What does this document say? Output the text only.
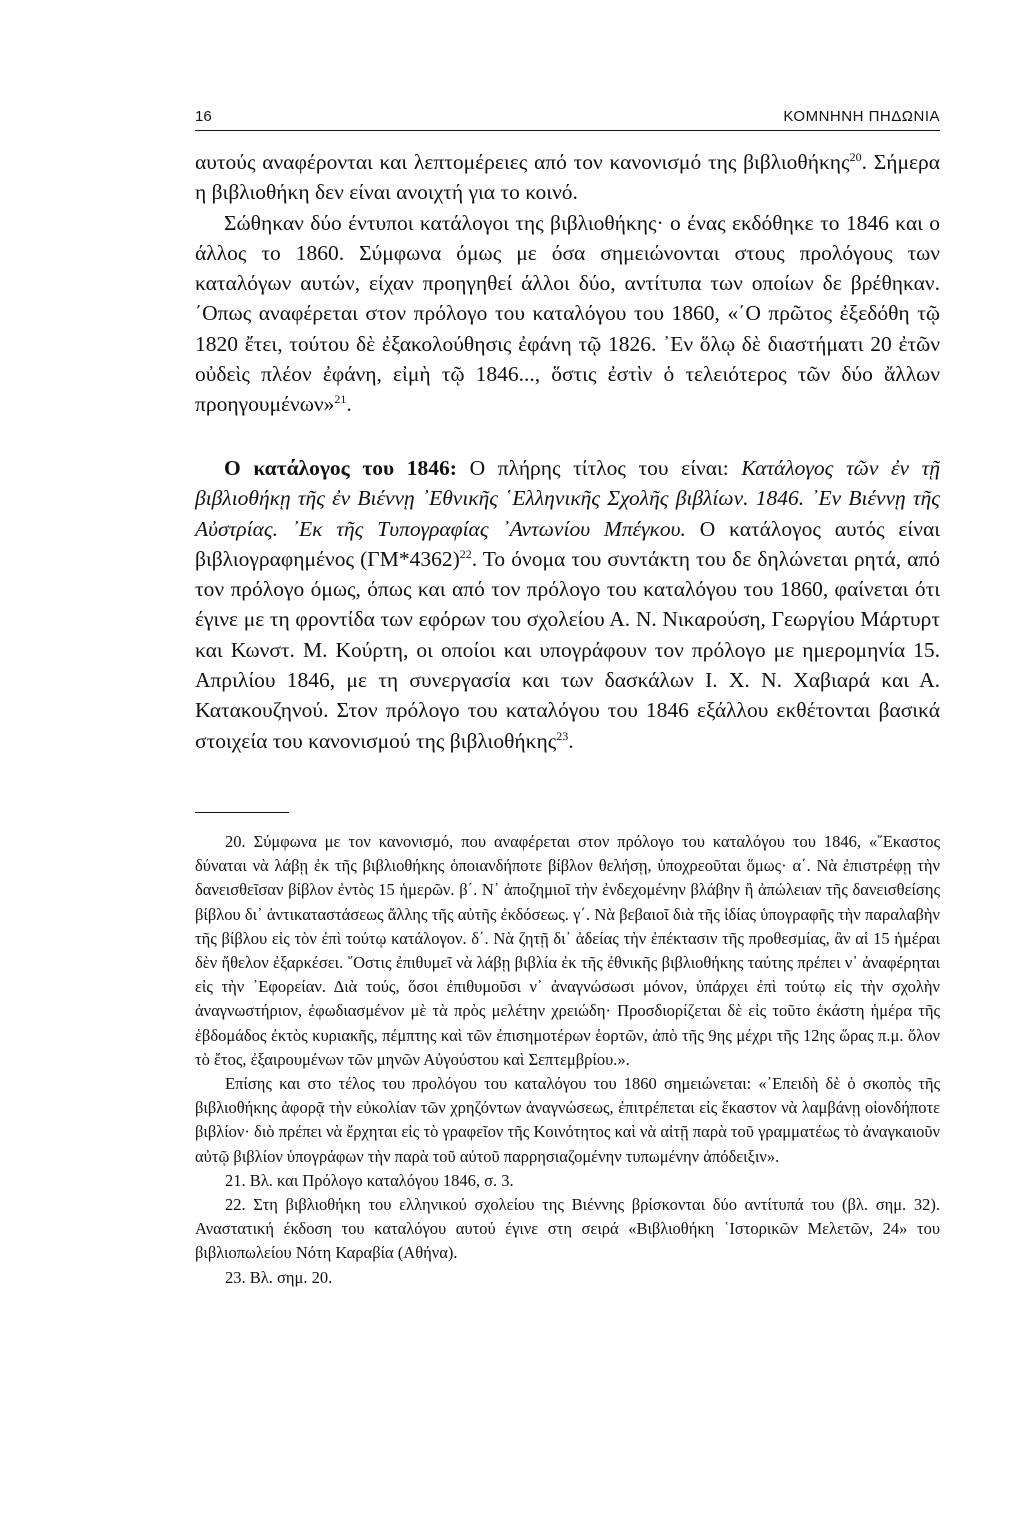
16	ΚΟΜΝΗΝΗ ΠΗΔΩΝΙΑ

αυτούς αναφέρονται και λεπτομέρειες από τον κανονισμό της βιβλιοθήκης$^{20}$. Σήμερα η βιβλιοθήκη δεν είναι ανοιχτή για το κοινό.

Σώθηκαν δύο έντυποι κατάλογοι της βιβλιοθήκης· ο ένας εκδόθηκε το 1846 και ο άλλος το 1860. Σύμφωνα όμως με όσα σημειώνονται στους προλόγους των καταλόγων αυτών, είχαν προηγηθεί άλλοι δύο, αντίτυπα των οποίων δε βρέθηκαν. ΄Οπως αναφέρεται στον πρόλογο του καταλόγου του 1860, «΄Ο πρῶτος ἐξεδόθη τῷ 1820 ἔτει, τούτου δὲ ἐξακολούθησις ἐφάνη τῷ 1826. ᾿Εν ὅλῳ δὲ διαστήματι 20 ἐτῶν οὐδεὶς πλέον ἐφάνη, εἰμὴ τῷ 1846..., ὅστις ἐστὶν ὁ τελειότερος τῶν δύο ἄλλων προηγουμένων»$^{21}$.

Ο κατάλογος του 1846: Ο πλήρης τίτλος του είναι: Κατάλογος τῶν ἐν τῇ βιβλιοθήκῃ τῆς ἐν Βιέννῃ ᾿Εθνικῆς ῾Ελληνικῆς Σχολῆς βιβλίων. 1846. ᾿Εν Βιέννῃ τῆς Αὐστρίας. ᾿Εκ τῆς Τυπογραφίας ᾿Αντωνίου Μπέγκου. Ο κατάλογος αυτός είναι βιβλιογραφημένος $(\Gamma M*4362)^{22}$. Το όνομα του συντάκτη του δε δηλώνεται ρητά, από τον πρόλογο όμως, όπως και από τον πρόλογο του καταλόγου του 1860, φαίνεται ότι έγινε με τη φροντίδα των εφόρων του σχολείου Α. Ν. Νικαρούση, Γεωργίου Μάρτυρτ και Κωνστ. Μ. Κούρτη, οι οποίοι και υπογράφουν τον πρόλογο με ημερομηνία 15. Απριλίου 1846, με τη συνεργασία και των δασκάλων Ι. Χ. Ν. Χαβιαρά και Α. Κατακουζηνού. Στον πρόλογο του καταλόγου του 1846 εξάλλου εκθέτονται βασικά στοιχεία του κανονισμού της βιβλιοθήκης$^{23}$.

20. Σύμφωνα με τον κανονισμό, που αναφέρεται στον πρόλογο του καταλόγου του 1846, «῞Εκαστος δύναται νὰ λάβῃ ἐκ τῆς βιβλιοθήκης ὁποιανδήποτε βίβλον θελήσῃ, ὑποχρεοῦται ὅμως· α΄. Νὰ ἐπιστρέφῃ τὴν δανεισθεῖσαν βίβλον ἐντὸς 15 ἡμερῶν. β΄. Ν᾽ ἀποζημιοῖ τὴν ἐνδεχομένην βλάβην ἢ ἀπώλειαν τῆς δανεισθείσης βίβλου δι᾽ ἀντικαταστάσεως ἄλλης τῆς αὐτῆς ἐκδόσεως. γ΄. Νὰ βεβαιοῖ διὰ τῆς ἰδίας ὑπογραφῆς τὴν παραλαβὴν τῆς βίβλου εἰς τὸν ἐπὶ τούτῳ κατάλογον. δ΄. Νὰ ζητῇ δι᾽ ἀδείας τὴν ἐπέκτασιν τῆς προθεσμίας, ἂν αἱ 15 ἡμέραι δὲν ἤθελον ἐξαρκέσει. ῞Οστις ἐπιθυμεῖ νὰ λάβῃ βιβλία ἐκ τῆς ἐθνικῆς βιβλιοθήκης ταύτης πρέπει ν᾽ ἀναφέρηται εἰς τὴν ᾿Εφορείαν. Διὰ τούς, ὅσοι ἐπιθυμοῦσι ν᾽ ἀναγνώσωσι μόνον, ὑπάρχει ἐπὶ τούτῳ εἰς τὴν σχολὴν ἀναγνωστήριον, ἐφωδιασμένον μὲ τὰ πρὸς μελέτην χρειώδη· Προσδιορίζεται δὲ εἰς τοῦτο ἑκάστη ἡμέρα τῆς ἑβδομάδος ἐκτὸς κυριακῆς, πέμπτης καὶ τῶν ἐπισημοτέρων ἑορτῶν, ἀπὸ τῆς 9ης μέχρι τῆς 12ης ὥρας π.μ. ὅλον τὸ ἔτος, ἐξαιρουμένων τῶν μηνῶν Αὐγούστου καὶ Σεπτεμβρίου.».

Επίσης και στο τέλος του προλόγου του καταλόγου του 1860 σημειώνεται: «᾿Επειδὴ δὲ ὁ σκοπὸς τῆς βιβλιοθήκης ἀφορᾷ τὴν εὐκολίαν τῶν χρηζόντων ἀναγνώσεως, ἐπιτρέπεται εἰς ἕκαστον νὰ λαμβάνῃ οἱονδήποτε βιβλίον· διὸ πρέπει νὰ ἔρχηται εἰς τὸ γραφεῖον τῆς Κοινότητος καὶ νὰ αἰτῇ παρὰ τοῦ γραμματέως τὸ ἀναγκαιοῦν αὐτῷ βιβλίον ὑπογράφων τὴν παρὰ τοῦ αὐτοῦ παρρησιαζομένην τυπωμένην ἀπόδειξιν».

21. Βλ. και Πρόλογο καταλόγου 1846, σ. 3.

22. Στη βιβλιοθήκη του ελληνικού σχολείου της Βιέννης βρίσκονται δύο αντίτυπά του (βλ. σημ. 32). Αναστατική έκδοση του καταλόγου αυτού έγινε στη σειρά «Βιβλιοθήκη ῾Ιστορικῶν Μελετῶν, 24» του βιβλιοπωλείου Νότη Καραβία (Αθήνα).

23. Βλ. σημ. 20.
